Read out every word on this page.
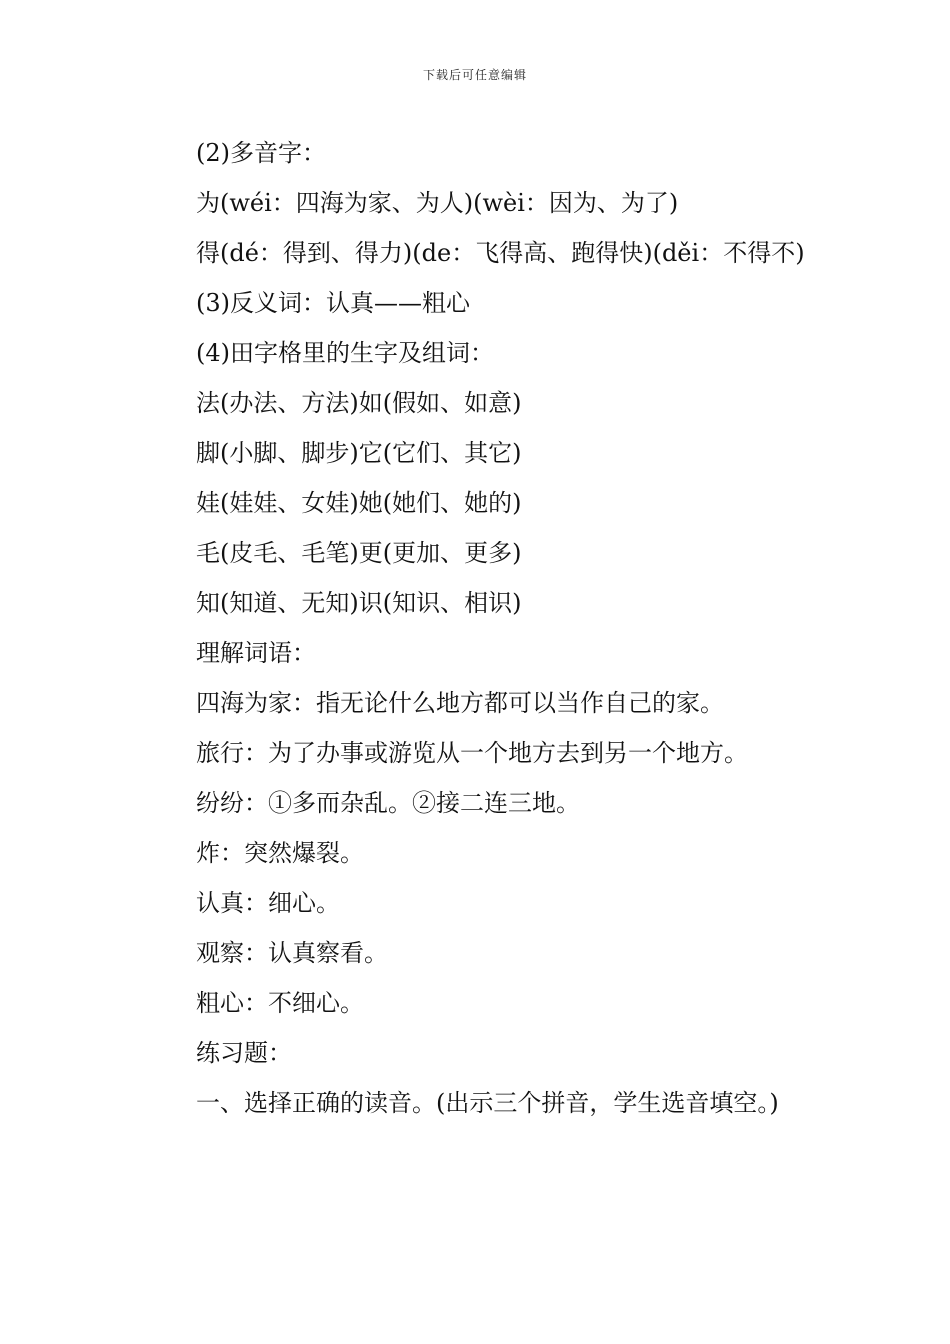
下载后可任意编辑

(2)多音字：

为(wéi：四海为家、为人)(wèi：因为、为了)

得(dé：得到、得力)(de：飞得高、跑得快)(děi：不得不)

(3)反义词：认真——粗心

(4)田字格里的生字及组词：

法(办法、方法)如(假如、如意)

脚(小脚、脚步)它(它们、其它)

娃(娃娃、女娃)她(她们、她的)

毛(皮毛、毛笔)更(更加、更多)

知(知道、无知)识(知识、相识)

理解词语：

四海为家：指无论什么地方都可以当作自己的家。

旅行：为了办事或游览从一个地方去到另一个地方。

纷纷：①多而杂乱。②接二连三地。

炸：突然爆裂。

认真：细心。

观察：认真察看。

粗心：不细心。

练习题：

一、选择正确的读音。(出示三个拼音，学生选音填空。)
